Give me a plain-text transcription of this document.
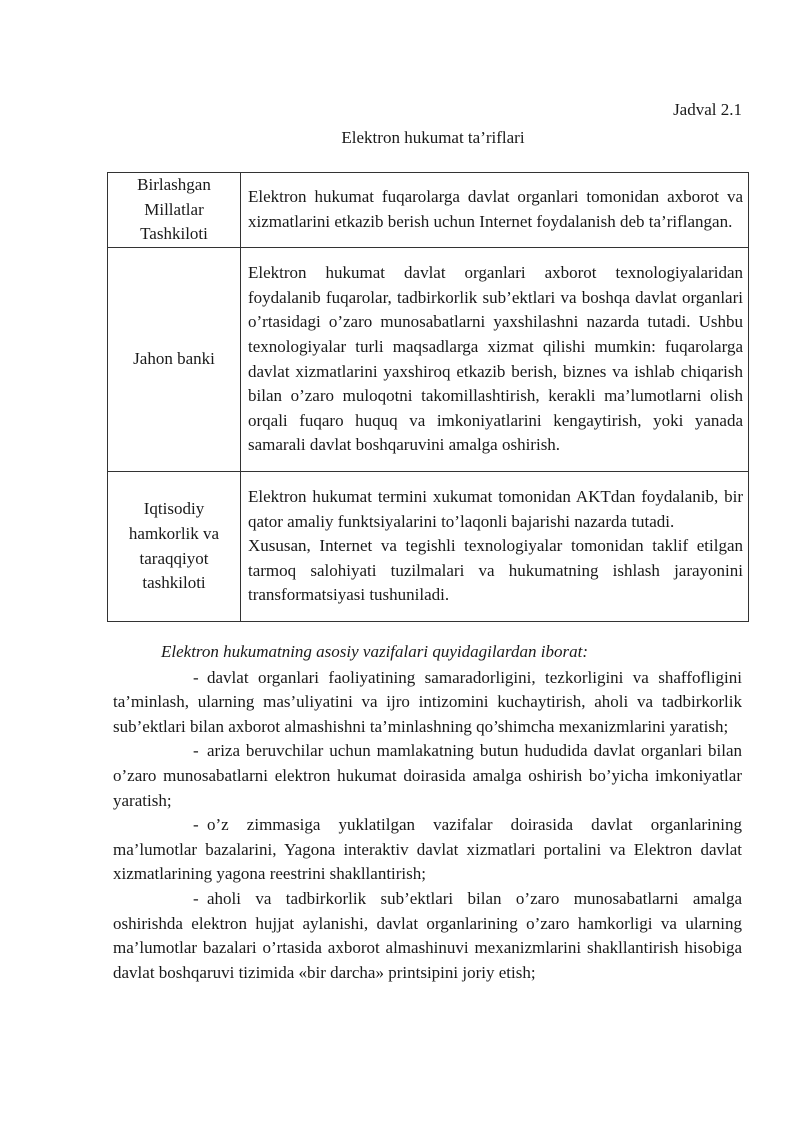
Jadval 2.1
Elektron hukumat ta’riflari
Birlashgan Millatlar Tashkiloti	Elektron hukumat fuqarolarga davlat organlari tomonidan axborot va xizmatlarini etkazib berish uchun Internet foydalanish deb ta’riflangan.

Jahon banki	Elektron hukumat davlat organlari axborot texnologiyalaridan foydalanib fuqarolar, tadbirkorlik sub’ektlari va boshqa davlat organlari o’rtasidagi o’zaro munosabatlarni yaxshilashni nazarda tutadi. Ushbu texnologiyalar turli maqsadlarga xizmat qilishi mumkin: fuqarolarga davlat xizmatlarini yaxshiroq etkazib berish, biznes va ishlab chiqarish bilan o’zaro muloqotni takomillashtirish, kerakli ma’lumotlarni olish orqali fuqaro huquq va imkoniyatlarini kengaytirish, yoki yanada samarali davlat boshqaruvini amalga oshirish.

Iqtisodiy hamkorlik va taraqqiyot tashkiloti	Elektron hukumat termini xukumat tomonidan AKTdan foydalanib, bir qator amaliy funktsiyalarini to’laqonli bajarishi nazarda tutadi.

Xususan, Internet va tegishli texnologiyalar tomonidan taklif etilgan tarmoq salohiyati tuzilmalari va hukumatning ishlash jarayonini transformatsiyasi tushuniladi.

Elektron hukumatning asosiy vazifalari quyidagilardan iborat:

- davlat organlari faoliyatining samaradorligini, tezkorligini va shaffofligini ta’minlash, ularning mas’uliyatini va ijro intizomini kuchaytirish, aholi va tadbirkorlik sub’ektlari bilan axborot almashishni ta’minlashning qo’shimcha mexanizmlarini yaratish;

- ariza beruvchilar uchun mamlakatning butun hududida davlat organlari bilan o’zaro munosabatlarni elektron hukumat doirasida amalga oshirish bo’yicha imkoniyatlar yaratish;

- o’z zimmasiga yuklatilgan vazifalar doirasida davlat organlarining ma’lumotlar bazalarini, Yagona interaktiv davlat xizmatlari portalini va Elektron davlat xizmatlarining yagona reestrini shakllantirish;

- aholi va tadbirkorlik sub’ektlari bilan o’zaro munosabatlarni amalga oshirishda elektron hujjat aylanishi, davlat organlarining o’zaro hamkorligi va ularning ma’lumotlar bazalari o’rtasida axborot almashinuvi mexanizmlarini shakllantirish hisobiga davlat boshqaruvi tizimida «bir darcha» printsipini joriy etish;
